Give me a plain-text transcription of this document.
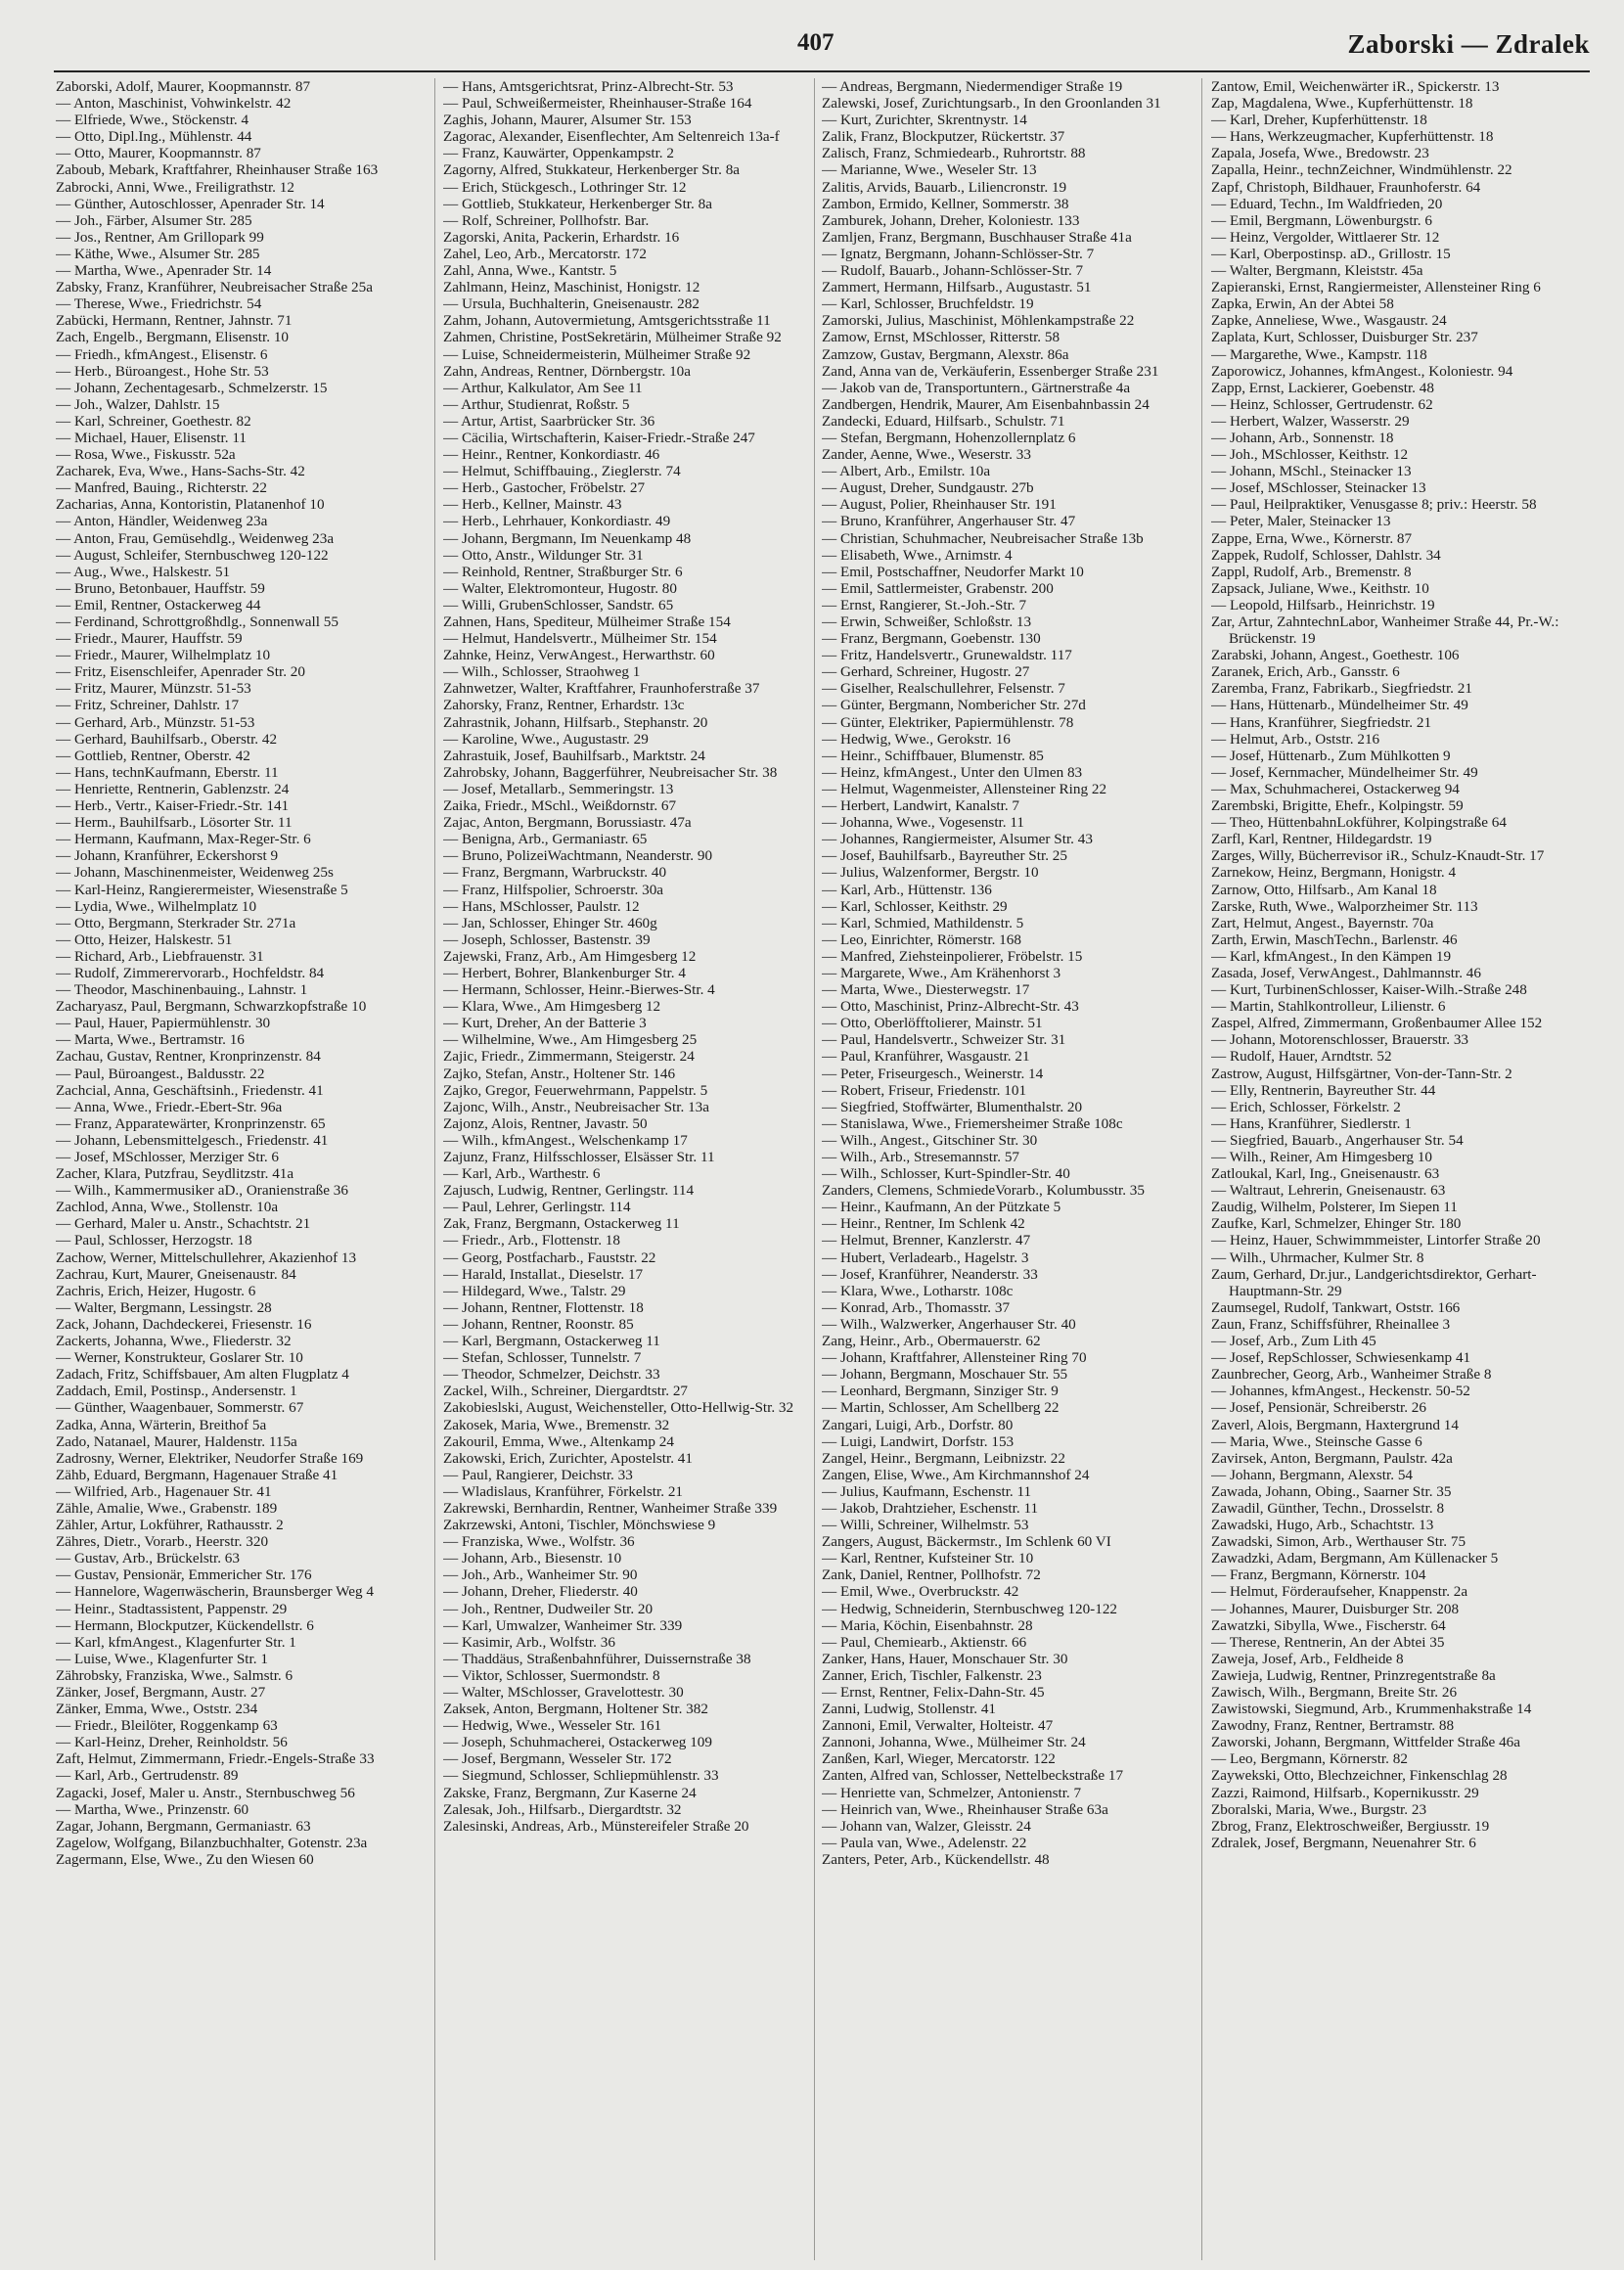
407	Zaborski — Zdralek

Zaborski, Adolf, Maurer, Koopmannstr. 87

— Anton, Maschinist, Vohwinkelstr. 42

— Elfriede, Wwe., Stöckenstr. 4

— Otto, Dipl.Ing., Mühlenstr. 44

— Otto, Maurer, Koopmannstr. 87

Zaboub, Mebark, Kraftfahrer, Rheinhauser Straße 163

Zabrocki, Anni, Wwe., Freiligrathstr. 12

— Günther, Autoschlosser, Apenrader Str. 14

— Joh., Färber, Alsumer Str. 285

— Jos., Rentner, Am Grillopark 99

— Käthe, Wwe., Alsumer Str. 285

— Martha, Wwe., Apenrader Str. 14

Zabsky, Franz, Kranführer, Neubreisacher Straße 25a

— Therese, Wwe., Friedrichstr. 54

Zabücki, Hermann, Rentner, Jahnstr. 71

Zach, Engelb., Bergmann, Elisenstr. 10

— Friedh., kfmAngest., Elisenstr. 6

— Herb., Büroangest., Hohe Str. 53

— Johann, Zechentagesarb., Schmelzerstr. 15

— Joh., Walzer, Dahlstr. 15

— Karl, Schreiner, Goethestr. 82

— Michael, Hauer, Elisenstr. 11

— Rosa, Wwe., Fiskusstr. 52a

Zacharek, Eva, Wwe., Hans-Sachs-Str. 42

— Manfred, Bauing., Richterstr. 22

Zacharias, Anna, Kontoristin, Platanenhof 10

— Anton, Händler, Weidenweg 23a

— Anton, Frau, Gemüsehdlg., Weidenweg 23a

— August, Schleifer, Sternbuschweg 120-122

— Aug., Wwe., Halskestr. 51

— Bruno, Betonbauer, Hauffstr. 59

— Emil, Rentner, Ostackerweg 44

— Ferdinand, Schrottgroßhdlg., Sonnenwall 55

— Friedr., Maurer, Hauffstr. 59

— Friedr., Maurer, Wilhelmplatz 10

— Fritz, Eisenschleifer, Apenrader Str. 20

— Fritz, Maurer, Münzstr. 51-53

— Fritz, Schreiner, Dahlstr. 17

— Gerhard, Arb., Münzstr. 51-53

— Gerhard, Bauhilfsarb., Oberstr. 42

— Gottlieb, Rentner, Oberstr. 42

— Hans, technKaufmann, Eberstr. 11

— Henriette, Rentnerin, Gablenzstr. 24

— Herb., Vertr., Kaiser-Friedr.-Str. 141

— Herm., Bauhilfsarb., Lösorter Str. 11

— Hermann, Kaufmann, Max-Reger-Str. 6

— Johann, Kranführer, Eckershorst 9

— Johann, Maschinenmeister, Weidenweg 25s

— Karl-Heinz, Rangierermeister, Wiesenstraße 5

— Lydia, Wwe., Wilhelmplatz 10

— Otto, Bergmann, Sterkrader Str. 271a

— Otto, Heizer, Halskestr. 51

— Richard, Arb., Liebfrauenstr. 31

— Rudolf, Zimmerervorarb., Hochfeldstr. 84

— Theodor, Maschinenbauing., Lahnstr. 1

Zacharyasz, Paul, Bergmann, Schwarzkopfstraße 10

— Paul, Hauer, Papiermühlenstr. 30

— Marta, Wwe., Bertramstr. 16

Zachau, Gustav, Rentner, Kronprinzenstr. 84

— Paul, Büroangest., Baldusstr. 22

Zachcial, Anna, Geschäftsinh., Friedenstr. 41

— Anna, Wwe., Friedr.-Ebert-Str. 96a

— Franz, Apparatewärter, Kronprinzenstr. 65

— Johann, Lebensmittelgesch., Friedenstr. 41

— Josef, MSchlosser, Merziger Str. 6

Zacher, Klara, Putzfrau, Seydlitzstr. 41a

— Wilh., Kammermusiker aD., Oranienstraße 36

Zachlod, Anna, Wwe., Stollenstr. 10a

— Gerhard, Maler u. Anstr., Schachtstr. 21

— Paul, Schlosser, Herzogstr. 18

Zachow, Werner, Mittelschullehrer, Akazienhof 13

Zachrau, Kurt, Maurer, Gneisenaustr. 84

Zachris, Erich, Heizer, Hugostr. 6

— Walter, Bergmann, Lessingstr. 28

Zack, Johann, Dachdeckerei, Friesenstr. 16

Zackerts, Johanna, Wwe., Fliederstr. 32

— Werner, Konstrukteur, Goslarer Str. 10

Zadach, Fritz, Schiffsbauer, Am alten Flugplatz 4

Zaddach, Emil, Postinsp., Andersenstr. 1

— Günther, Waagenbauer, Sommerstr. 67

Zadka, Anna, Wärterin, Breithof 5a

Zado, Natanael, Maurer, Haldenstr. 115a

Zadrosny, Werner, Elektriker, Neudorfer Straße 169

Zähb, Eduard, Bergmann, Hagenauer Straße 41

— Wilfried, Arb., Hagenauer Str. 41

Zähle, Amalie, Wwe., Grabenstr. 189

Zähler, Artur, Lokführer, Rathausstr. 2

Zähres, Dietr., Vorarb., Heerstr. 320

— Gustav, Arb., Brückelstr. 63

— Gustav, Pensionär, Emmericher Str. 176

— Hannelore, Wageпwäscherin, Braunsberger Weg 4

— Heinr., Stadtassistent, Pappenstr. 29

— Hermann, Blockputzer, Kückendellstr. 6

— Karl, kfmAngest., Klagenfurter Str. 1

— Luise, Wwe., Klagenfurter Str. 1

Zährobsky, Franziska, Wwe., Salmstr. 6

Zänker, Josef, Bergmann, Austr. 27

Zänker, Emma, Wwe., Oststr. 234

— Friedr., Bleilöter, Roggenkamp 63

— Karl-Heinz, Dreher, Reinholdstr. 56

Zaft, Helmut, Zimmermann, Friedr.-Engels-Straße 33

— Karl, Arb., Gertrudenstr. 89

Zagacki, Josef, Maler u. Anstr., Sternbuschweg 56

— Martha, Wwe., Prinzenstr. 60

Zagar, Johann, Bergmann, Germaniastr. 63

Zagelow, Wolfgang, Bilanzbuchhalter, Gotenstr. 23a

Zagermann, Else, Wwe., Zu den Wiesen 60

— Hans, Amtsgerichtsrat, Prinz-Albrecht-Str. 53

— Paul, Schweißermeister, Rheinhauser-Straße 164

Zaghis, Johann, Maurer, Alsumer Str. 153

Zagorac, Alexander, Eisenflechter, Am Seltenreich 13a-f

— Franz, Kauwärter, Oppenkampstr. 2

Zagorny, Alfred, Stukkateur, Herkenberger Str. 8a

— Erich, Stückgesch., Lothringer Str. 12

— Gottlieb, Stukkateur, Herkenberger Str. 8a

— Rolf, Schreiner, Pollhofstr. Bar.

Zagorski, Anita, Packerin, Erhardstr. 16

Zahel, Leo, Arb., Mercatorstr. 172

Zahl, Anna, Wwe., Kantstr. 5

Zahlmann, Heinz, Maschinist, Honigstr. 12

— Ursula, Buchhalterin, Gneisenaustr. 282

Zahm, Johann, Autovermietung, Amtsgerichtsstraße 11

Zahmen, Christine, PostSekretärin, Mülheimer Straße 92

— Luise, Schneidermeisterin, Mülheimer Straße 92

Zahn, Andreas, Rentner, Dörnbergstr. 10a

— Arthur, Kalkulator, Am See 11

— Arthur, Studienrat, Roßstr. 5

— Artur, Artist, Saarbrücker Str. 36

— Cäcilia, Wirtschafterin, Kaiser-Friedr.-Straße 247

— Heinr., Rentner, Konkordiastr. 46

— Helmut, Schiffbauing., Zieglerstr. 74

— Herb., Gastocher, Fröbelstr. 27

— Herb., Kellner, Mainstr. 43

— Herb., Lehrhauer, Konkordiastr. 49

— Johann, Bergmann, Im Neuenkamp 48

— Otto, Anstr., Wildunger Str. 31

— Reinhold, Rentner, Straßburger Str. 6

— Walter, Elektromonteur, Hugostr. 80

— Willi, GrubenSchlosser, Sandstr. 65

Zahnen, Hans, Spediteur, Mülheimer Straße 154

— Helmut, Handelsvertr., Mülheimer Str. 154

Zahnke, Heinz, VerwAngest., Herwarthstr. 60

— Wilh., Schlosser, Straohweg 1

Zahnwetzer, Walter, Kraftfahrer, Fraunhoferstraße 37

Zahorsky, Franz, Rentner, Erhardstr. 13c

Zahrastnik, Johann, Hilfsarb., Stephanstr. 20

— Karoline, Wwe., Augustastr. 29

Zahrastuik, Josef, Bauhilfsarb., Marktstr. 24

Zahrobsky, Johann, Baggerführer, Neubreisacher Str. 38

— Josef, Metallarb., Semmeringstr. 13

Zaika, Friedr., MSchl., Weißdornstr. 67

Zajac, Anton, Bergmann, Borussiastr. 47a

— Benigna, Arb., Germaniastr. 65

— Bruno, PolizeiWachtmann, Neanderstr. 90

— Franz, Bergmann, Warbruckstr. 40

— Franz, Hilfspolier, Schroerstr. 30a

— Hans, MSchlosser, Paulstr. 12

— Jan, Schlosser, Ehinger Str. 460g

— Joseph, Schlosser, Bastenstr. 39

Zajewski, Franz, Arb., Am Himgesberg 12

— Herbert, Bohrer, Blankenburger Str. 4

— Hermann, Schlosser, Heinr.-Bierwes-Str. 4

— Klara, Wwe., Am Himgesberg 12

— Kurt, Dreher, An der Batterie 3

— Wilhelmine, Wwe., Am Himgesberg 25

Zajic, Friedr., Zimmermann, Steigerstr. 24

Zajko, Stefan, Anstr., Holtener Str. 146

Zajko, Gregor, Feuerwehrmann, Pappelstr. 5

Zajonc, Wilh., Anstr., Neubreisacher Str. 13a

Zajonz, Alois, Rentner, Javastr. 50

— Wilh., kfmAngest., Welschenkamp 17

Zajunz, Franz, Hilfsschlosser, Elsässer Str. 11

— Karl, Arb., Warthestr. 6

Zajusch, Ludwig, Rentner, Gerlingstr. 114

— Paul, Lehrer, Gerlingstr. 114

Zak, Franz, Bergmann, Ostackerweg 11

— Friedr., Arb., Flottenstr. 18

— Georg, Postfacharb., Fauststr. 22

— Harald, Installat., Dieselstr. 17

— Hildegard, Wwe., Talstr. 29

— Johann, Rentner, Flottenstr. 18

— Johann, Rentner, Roonstr. 85

— Karl, Bergmann, Ostackerweg 11

— Stefan, Schlosser, Tunnelstr. 7

— Theodor, Schmelzer, Deichstr. 33

Zackel, Wilh., Schreiner, Diergardtstr. 27

Zakobieslski, August, Weichensteller, Otto-Hellwig-Str. 32

Zakosek, Maria, Wwe., Bremenstr. 32

Zakouril, Emma, Wwe., Altenkamp 24

Zakowski, Erich, Zurichter, Apostelstr. 41

— Paul, Rangierer, Deichstr. 33

— Wladislaus, Kranführer, Förkelstr. 21

Zakrewski, Bernhardin, Rentner, Wanheimer Straße 339

Zakrzewski, Antoni, Tischler, Mönchswiese 9

— Franziska, Wwe., Wolfstr. 36

— Johann, Arb., Biesenstr. 10

— Joh., Arb., Wanheimer Str. 90

— Johann, Dreher, Fliederstr. 40

— Joh., Rentner, Dudweiler Str. 20

— Karl, Umwalzer, Wanheimer Str. 339

— Kasimir, Arb., Wolfstr. 36

— Thaddäus, Straßenbahnführer, Duissernstraße 38

— Viktor, Schlosser, Suermondstr. 8

— Walter, MSchlosser, Gravelottestr. 30

Zaksek, Anton, Bergmann, Holtener Str. 382

— Hedwig, Wwe., Wesseler Str. 161

— Joseph, Schuhmacherei, Ostackerweg 109

— Josef, Bergmann, Wesseler Str. 172

— Siegmund, Schlosser, Schliepmühlenstr. 33

Zakske, Franz, Bergmann, Zur Kaserne 24

Zalesak, Joh., Hilfsarb., Diergardtstr. 32

Zalesinski, Andreas, Arb., Münstereifeler Straße 20

— Andreas, Bergmann, Niedermendiger Straße 19

Zalewski, Josef, Zurichtungsarb., In den Groonlanden 31

— Kurt, Zurichter, Skrentnystr. 14

Zalik, Franz, Blockputzer, Rückertstr. 37

Zalisch, Franz, Schmiedearb., Ruhrortstr. 88

— Marianne, Wwe., Weseler Str. 13

Zalitis, Arvids, Bauarb., Liliencronstr. 19

Zambon, Ermido, Kellner, Sommerstr. 38

Zamburek, Johann, Dreher, Koloniestr. 133

Zamljen, Franz, Bergmann, Buschhauser Straße 41a

— Ignatz, Bergmann, Johann-Schlösser-Str. 7

— Rudolf, Bauarb., Johann-Schlösser-Str. 7

Zammert, Hermann, Hilfsarb., Augustastr. 51

— Karl, Schlosser, Bruchfeldstr. 19

Zamorski, Julius, Maschinist, Möhlenkampstraße 22

Zamow, Ernst, MSchlosser, Ritterstr. 58

Zamzow, Gustav, Bergmann, Alexstr. 86a

Zand, Anna van de, Verkäuferin, Essenberger Straße 231

— Jakob van de, Transportuntern., Gärtnerstraße 4a

Zandbergen, Hendrik, Maurer, Am Eisenbahnbassin 24

Zandecki, Eduard, Hilfsarb., Schulstr. 71

— Stefan, Bergmann, Hohenzollernplatz 6

Zander, Aenne, Wwe., Weserstr. 33

— Albert, Arb., Emilstr. 10a

— August, Dreher, Sundgaustr. 27b

— August, Polier, Rheinhauser Str. 191

— Bruno, Kranführer, Angerhauser Str. 47

— Christian, Schuhmacher, Neubreisacher Straße 13b

— Elisabeth, Wwe., Arnimstr. 4

— Emil, Postschaffner, Neudorfer Markt 10

— Emil, Sattlermeister, Grabenstr. 200

— Ernst, Rangierer, St.-Joh.-Str. 7

— Erwin, Schweißer, Schloßstr. 13

— Franz, Bergmann, Goebenstr. 130

— Fritz, Handelsvertr., Grunewaldstr. 117

— Gerhard, Schreiner, Hugostr. 27

— Giselher, Realschullehrer, Felsenstr. 7

— Günter, Bergmann, Nombericher Str. 27d

— Günter, Elektriker, Papiermühlenstr. 78

— Hedwig, Wwe., Gerokstr. 16

— Heinr., Schiffbauer, Blumenstr. 85

— Heinz, kfmAngest., Unter den Ulmen 83

— Helmut, Wagenmeister, Allensteiner Ring 22

— Herbert, Landwirt, Kanalstr. 7

— Johanna, Wwe., Vogesenstr. 11

— Johannes, Rangiermeister, Alsumer Str. 43

— Josef, Bauhilfsarb., Bayreuther Str. 25

— Julius, Walzenformer, Bergstr. 10

— Karl, Arb., Hüttenstr. 136

— Karl, Schlosser, Keithstr. 29

— Karl, Schmied, Mathildenstr. 5

— Leo, Einrichter, Römerstr. 168

— Manfred, Ziehsteinpolierer, Fröbelstr. 15

— Margarete, Wwe., Am Krähenhorst 3

— Marta, Wwe., Diesterwegstr. 17

— Otto, Maschinist, Prinz-Albrecht-Str. 43

— Otto, Oberlöfftolierer, Mainstr. 51

— Paul, Handelsvertr., Schweizer Str. 31

— Paul, Kranführer, Wasgaustr. 21

— Peter, Friseurgesch., Weinerstr. 14

— Robert, Friseur, Friedenstr. 101

— Siegfried, Stoffwärter, Blumenthalstr. 20

— Stanislawa, Wwe., Friemersheimer Straße 108c

— Wilh., Angest., Gitschiner Str. 30

— Wilh., Arb., Stresemannstr. 57

— Wilh., Schlosser, Kurt-Spindler-Str. 40

Zanders, Clemens, SchmiedeVorarb., Kolumbusstr. 35

— Heinr., Kaufmann, An der Pützkate 5

— Heinr., Rentner, Im Schlenk 42

— Helmut, Brenner, Kanzlerstr. 47

— Hubert, Verladearb., Hagelstr. 3

— Josef, Kranführer, Neanderstr. 33

— Klara, Wwe., Lotharstr. 108c

— Konrad, Arb., Thomasstr. 37

— Wilh., Walzwerker, Angerhauser Str. 40

Zang, Heinr., Arb., Obermauerstr. 62

— Johann, Kraftfahrer, Allensteiner Ring 70

— Johann, Bergmann, Moschauer Str. 55

— Leonhard, Bergmann, Sinziger Str. 9

— Martin, Schlosser, Am Schellberg 22

Zangari, Luigi, Arb., Dorfstr. 80

— Luigi, Landwirt, Dorfstr. 153

Zangel, Heinr., Bergmann, Leibnizstr. 22

Zangen, Elise, Wwe., Am Kirchmannshof 24

— Julius, Kaufmann, Eschenstr. 11

— Jakob, Drahtzieher, Eschenstr. 11

— Willi, Schreiner, Wilhelmstr. 53

Zangers, August, Bäckermstr., Im Schlenk 60 VI

— Karl, Rentner, Kufsteiner Str. 10

Zank, Daniel, Rentner, Pollhofstr. 72

— Emil, Wwe., Overbruckstr. 42

— Hedwig, Schneiderin, Sternbuschweg 120-122

— Maria, Köchin, Eisenbahnstr. 28

— Paul, Chemiearb., Aktienstr. 66

Zanker, Hans, Hauer, Monschauer Str. 30

Zanner, Erich, Tischler, Falkenstr. 23

— Ernst, Rentner, Felix-Dahn-Str. 45

Zanni, Ludwig, Stollenstr. 41

Zannoni, Emil, Verwalter, Holteistr. 47

Zannoni, Johanna, Wwe., Mülheimer Str. 24

Zanßen, Karl, Wieger, Mercatorstr. 122

Zanten, Alfred van, Schlosser, Nettelbeckstraße 17

— Henriette van, Schmelzer, Antonienstr. 7

— Heinrich van, Wwe., Rheinhauser Straße 63a

— Johann van, Walzer, Gleisstr. 24

— Paula van, Wwe., Adelenstr. 22

Zanters, Peter, Arb., Kückendellstr. 48

Zantow, Emil, Weichenwärter iR., Spickerstr. 13

Zap, Magdalena, Wwe., Kupferhüttenstr. 18

— Karl, Dreher, Kupferhüttenstr. 18

— Hans, Werkzeugmacher, Kupferhüttenstr. 18

Zapala, Josefa, Wwe., Bredowstr. 23

Zapalla, Heinr., technZeichner, Windmühlenstr. 22

Zapf, Christoph, Bildhauer, Fraunhoferstr. 64

— Eduard, Techn., Im Waldfrieden, 20

— Emil, Bergmann, Löwenburgstr. 6

— Heinz, Vergolder, Wittlaerer Str. 12

— Karl, Oberpostinsp. aD., Grillostr. 15

— Walter, Bergmann, Kleiststr. 45a

Zapieranski, Ernst, Rangiermeister, Allensteiner Ring 6

Zapka, Erwin, An der Abtei 58

Zapke, Anneliese, Wwe., Wasgaustr. 24

Zaplata, Kurt, Schlosser, Duisburger Str. 237

— Margarethe, Wwe., Kampstr. 118

Zaporowicz, Johannes, kfmAngest., Koloniestr. 94

Zapp, Ernst, Lackierer, Goebenstr. 48

— Heinz, Schlosser, Gertrudenstr. 62

— Herbert, Walzer, Wasserstr. 29

— Johann, Arb., Sonnenstr. 18

— Joh., MSchlosser, Keithstr. 12

— Johann, MSchl., Steinacker 13

— Josef, MSchlosser, Steinacker 13

— Paul, Heilpraktiker, Venusgasse 8; priv.: Heerstr. 58

— Peter, Maler, Steinacker 13

Zappe, Erna, Wwe., Körnerstr. 87

Zappek, Rudolf, Schlosser, Dahlstr. 34

Zappl, Rudolf, Arb., Bremenstr. 8

Zapsack, Juliane, Wwe., Keithstr. 10

— Leopold, Hilfsarb., Heinrichstr. 19

Zar, Artur, ZahntechnLabor, Wanheimer Straße 44, Pr.-W.: Brückenstr. 19

Zarabski, Johann, Angest., Goethestr. 106

Zaranek, Erich, Arb., Gansstr. 6

Zaremba, Franz, Fabrikarb., Siegfriedstr. 21

— Hans, Hüttenarb., Mündelheimer Str. 49

— Hans, Kranführer, Siegfriedstr. 21

— Helmut, Arb., Oststr. 216

— Josef, Hüttenarb., Zum Mühlkotten 9

— Josef, Kernmacher, Mündelheimer Str. 49

— Max, Schuhmacherei, Ostackerweg 94

Zarembski, Brigitte, Ehefr., Kolpingstr. 59

— Theo, HüttenbahnLokführer, Kolpingstraße 64

Zarfl, Karl, Rentner, Hildegardstr. 19

Zarges, Willy, Bücherrevisor iR., Schulz-Knaudt-Str. 17

Zarnekow, Heinz, Bergmann, Honigstr. 4

Zarnow, Otto, Hilfsarb., Am Kanal 18

Zarske, Ruth, Wwe., Walporzheimer Str. 113

Zart, Helmut, Angest., Bayernstr. 70a

Zarth, Erwin, MaschTechn., Barlenstr. 46

— Karl, kfmAngest., In den Kämpen 19

Zasada, Josef, VerwAngest., Dahlmannstr. 46

— Kurt, TurbinenSchlosser, Kaiser-Wilh.-Straße 248

— Martin, Stahlkontrolleur, Lilienstr. 6

Zaspel, Alfred, Zimmermann, Großenbaumer Allee 152

— Johann, Motorenschlosser, Brauerstr. 33

— Rudolf, Hauer, Arndtstr. 52

Zastrow, August, Hilfsgärtner, Von-der-Tann-Str. 2

— Elly, Rentnerin, Bayreuther Str. 44

— Erich, Schlosser, Förkelstr. 2

— Hans, Kranführer, Siedlerstr. 1

— Siegfried, Bauarb., Angerhauser Str. 54

— Wilh., Reiner, Am Himgesberg 10

Zatloukal, Karl, Ing., Gneisenaustr. 63

— Waltraut, Lehrerin, Gneisenaustr. 63

Zaudig, Wilhelm, Polsterer, Im Siepen 11

Zaufke, Karl, Schmelzer, Ehinger Str. 180

— Heinz, Hauer, Schwimmmeister, Lintorfer Straße 20

— Wilh., Uhrmacher, Kulmer Str. 8

Zaum, Gerhard, Dr.jur., Landgerichtsdirektor, Gerhart-Hauptmann-Str. 29

Zaumsegel, Rudolf, Tankwart, Oststr. 166

Zaun, Franz, Schiffsführer, Rheinallee 3

— Josef, Arb., Zum Lith 45

— Josef, RepSchlosser, Schwiesenkamp 41

Zaunbrecher, Georg, Arb., Wanheimer Straße 8

— Johannes, kfmAngest., Heckenstr. 50-52

— Josef, Pensionär, Schreiberstr. 26

Zaverl, Alois, Bergmann, Haxtergrund 14

— Maria, Wwe., Steinsche Gasse 6

Zavirsek, Anton, Bergmann, Paulstr. 42a

— Johann, Bergmann, Alexstr. 54

Zawada, Johann, Obing., Saarner Str. 35

Zawadil, Günther, Techn., Drosselstr. 8

Zawadski, Hugo, Arb., Schachtstr. 13

Zawadski, Simon, Arb., Werthauser Str. 75

Zawadzki, Adam, Bergmann, Am Küllenacker 5

— Franz, Bergmann, Körnerstr. 104

— Helmut, Förderaufseher, Knappenstr. 2a

— Johannes, Maurer, Duisburger Str. 208

Zawatzki, Sibylla, Wwe., Fischerstr. 64

— Therese, Rentnerin, An der Abtei 35

Zaweja, Josef, Arb., Feldheide 8

Zawieja, Ludwig, Rentner, Prinzregentstraße 8a

Zawisch, Wilh., Bergmann, Breite Str. 26

Zawistowski, Siegmund, Arb., Krummenhakstraße 14

Zawodny, Franz, Rentner, Bertramstr. 88

Zaworski, Johann, Bergmann, Wittfelder Straße 46a

— Leo, Bergmann, Körnerstr. 82

Zaywekski, Otto, Blechzeichner, Finkenschlag 28

Zazzi, Raimond, Hilfsarb., Kopernikusstr. 29

Zboralski, Maria, Wwe., Burgstr. 23

Zbrog, Franz, Elektroschweißer, Bergiusstr. 19

Zdralek, Josef, Bergmann, Neuenahrer Str. 6
